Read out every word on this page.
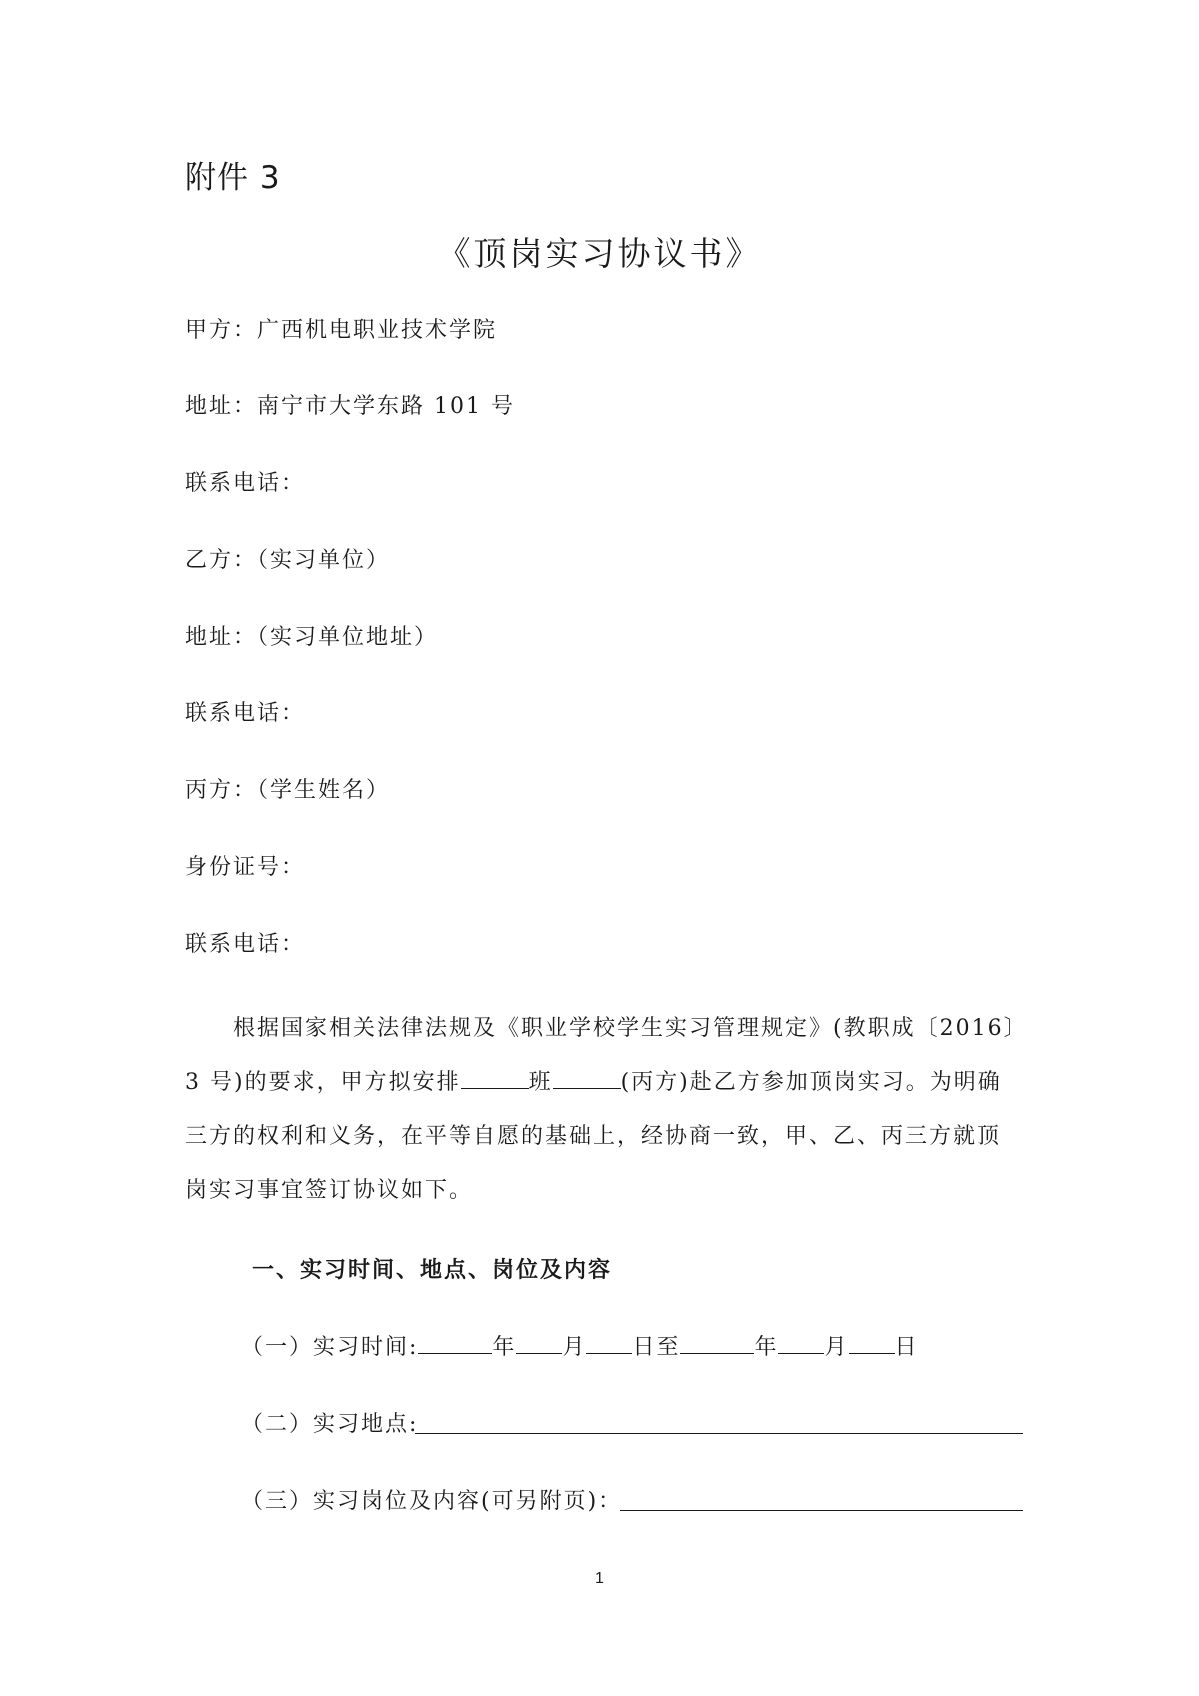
附件 3
《顶岗实习协议书》
甲方：广西机电职业技术学院
地址：南宁市大学东路 101 号
联系电话：
乙方：（实习单位）
地址：（实习单位地址）
联系电话：
丙方：（学生姓名）
身份证号：
联系电话：
根据国家相关法律法规及《职业学校学生实习管理规定》(教职成〔2016〕
3 号)的要求，甲方拟安排	班	(丙方)赴乙方参加顶岗实习。为明确
三方的权利和义务，在平等自愿的基础上，经协商一致，甲、乙、丙三方就顶
岗实习事宜签订协议如下。
一、实习时间、地点、岗位及内容
（一）实习时间:	年 月 日至	年 月 日
（二）实习地点:
（三）实习岗位及内容(可另附页)：
1
